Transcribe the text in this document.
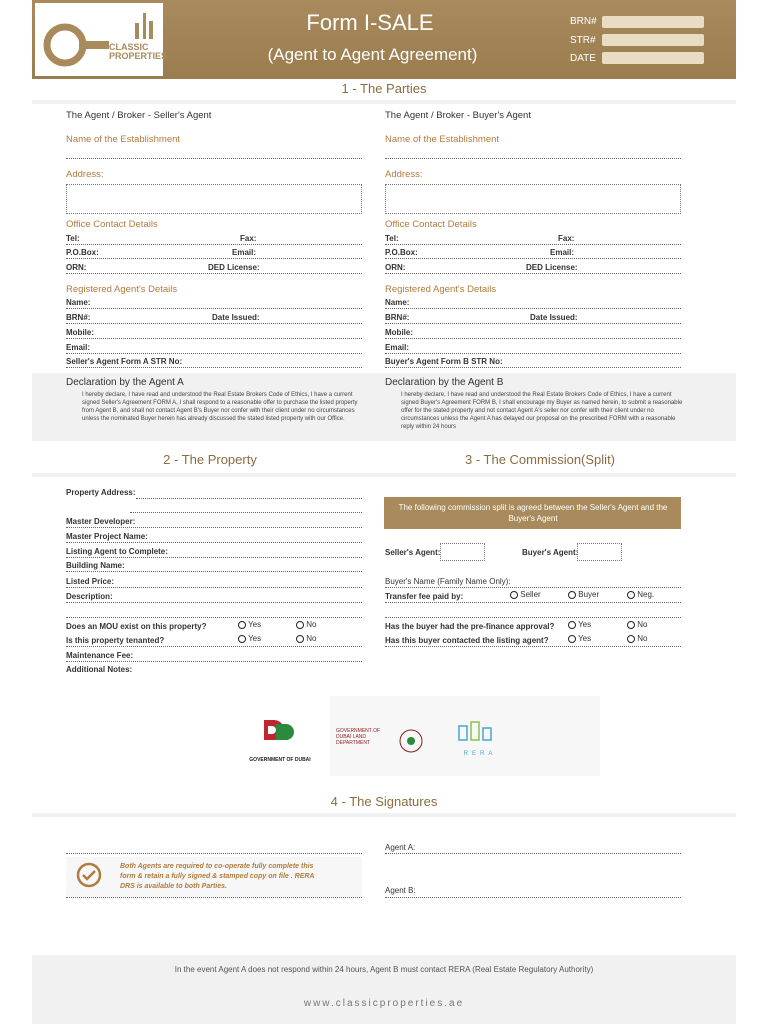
CLASSIC PROPERTIES
Form I-SALE
(Agent to Agent Agreement)
BRN#
STR#
DATE
1 - The Parties
The Agent / Broker - Seller's Agent
Name of the Establishment
Address:
Office Contact Details
Tel:	Fax:
P.O.Box:	Email:
ORN:	DED License:
Registered Agent's Details
Name:
BRN#:	Date Issued:
Mobile:
Email:
Seller's Agent Form A STR No:
The Agent / Broker - Buyer's Agent
Name of the Establishment
Address:
Office Contact Details
Tel:	Fax:
P.O.Box:	Email:
ORN:	DED License:
Registered Agent's Details
Name:
BRN#:	Date Issued:
Mobile:
Email:
Buyer's Agent Form B STR No:
Declaration by the Agent A
I hereby declare, I have read and understood the Real Estate Brokers Code of Ethics, I have a current signed Seller's Agreement FORM A, I shall respond to a reasonable offer to purchase the listed property from Agent B, and shall not contact Agent B's Buyer nor confer with their client under no circumstances unless the nominated Buyer herein has already discussed the stated listed property with our Office.
Declaration by the Agent B
I hereby declare, I have read and understood the Real Estate Brokers Code of Ethics, I have a current signed Buyer's Agreement FORM B, I shall encourage my Buyer as named herein, to submit a reasonable offer for the stated property and not contact Agent A's seller nor confer with their client under no circumstances unless the Agent A has delayed our proposal on the prescribed FORM with a reasonable reply within 24 hours
2 - The Property	3 - The Commission(Split)
Property Address:
Master Developer:
Master Project Name:
Listing Agent to Complete:
Building Name:
Listed Price:
Description:
Does an MOU exist on this property?	Yes	No
Is this property tenanted?	Yes	No
Maintenance Fee:
Additional Notes:
The following commission split is agreed between the Seller's Agent and the Buyer's Agent
Seller's Agent:	Buyer's Agent:
Buyer's Name (Family Name Only):
Transfer fee paid by:	Seller	Buyer	Neg.
Has the buyer had the pre-finance approval?	Yes	No
Has this buyer contacted the listing agent?	Yes	No
GOVERNMENT OF DUBAI
GOVERNMENT OF DUBAI LAND DEPARTMENT
RERA
4 - The Signatures
Both Agents are required to co-operate fully complete this form & retain a fully signed & stamped copy on file . RERA DRS is available to both Parties.
Agent A:
Agent B:
In the event Agent A does not respond within 24 hours, Agent B must contact RERA (Real Estate Regulatory Authority)
www.classicproperties.ae
